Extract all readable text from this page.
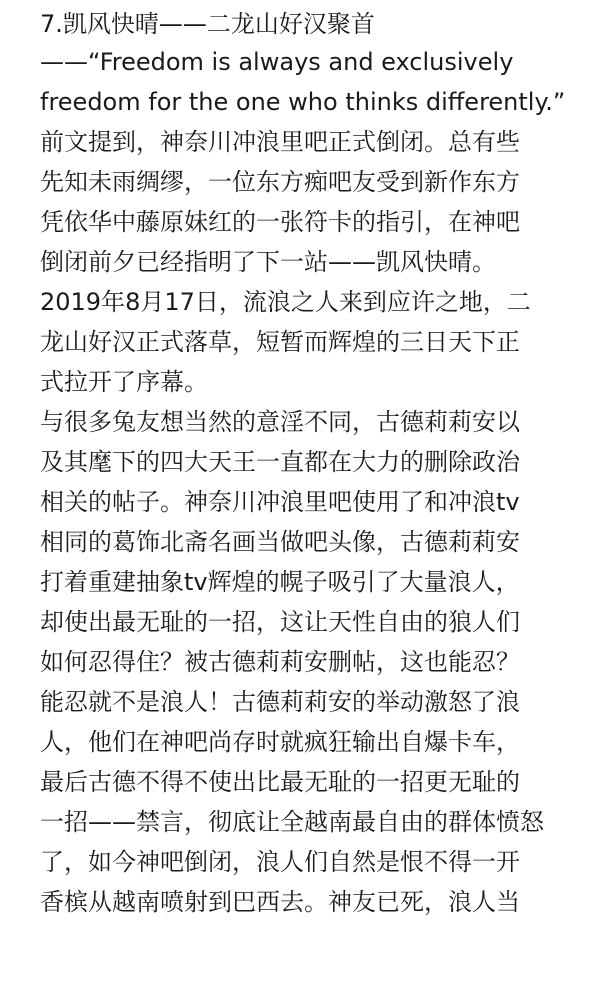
7.凯风快晴——二龙山好汉聚首
——“Freedom is always and exclusively
freedom for the one who thinks differently.”
前文提到，神奈川冲浪里吧正式倒闭。总有些
先知未雨绸缪，一位东方痴吧友受到新作东方
凭依华中藤原妹红的一张符卡的指引，在神吧
倒闭前夕已经指明了下一站——凯风快晴。
2019年8月17日，流浪之人来到应许之地，二
龙山好汉正式落草，短暂而辉煌的三日天下正
式拉开了序幕。
与很多兔友想当然的意淫不同，古德莉莉安以
及其麾下的四大天王一直都在大力的删除政治
相关的帖子。神奈川冲浪里吧使用了和冲浪tv
相同的葛饰北斋名画当做吧头像，古德莉莉安
打着重建抽象tv辉煌的幌子吸引了大量浪人，
却使出最无耻的一招，这让天性自由的狼人们
如何忍得住？被古德莉莉安删帖，这也能忍？
能忍就不是浪人！古德莉莉安的举动激怒了浪
人，他们在神吧尚存时就疯狂输出自爆卡车，
最后古德不得不使出比最无耻的一招更无耻的
一招——禁言，彻底让全越南最自由的群体愤怒
了，如今神吧倒闭，浪人们自然是恨不得一开
香槟从越南喷射到巴西去。神友已死，浪人当
